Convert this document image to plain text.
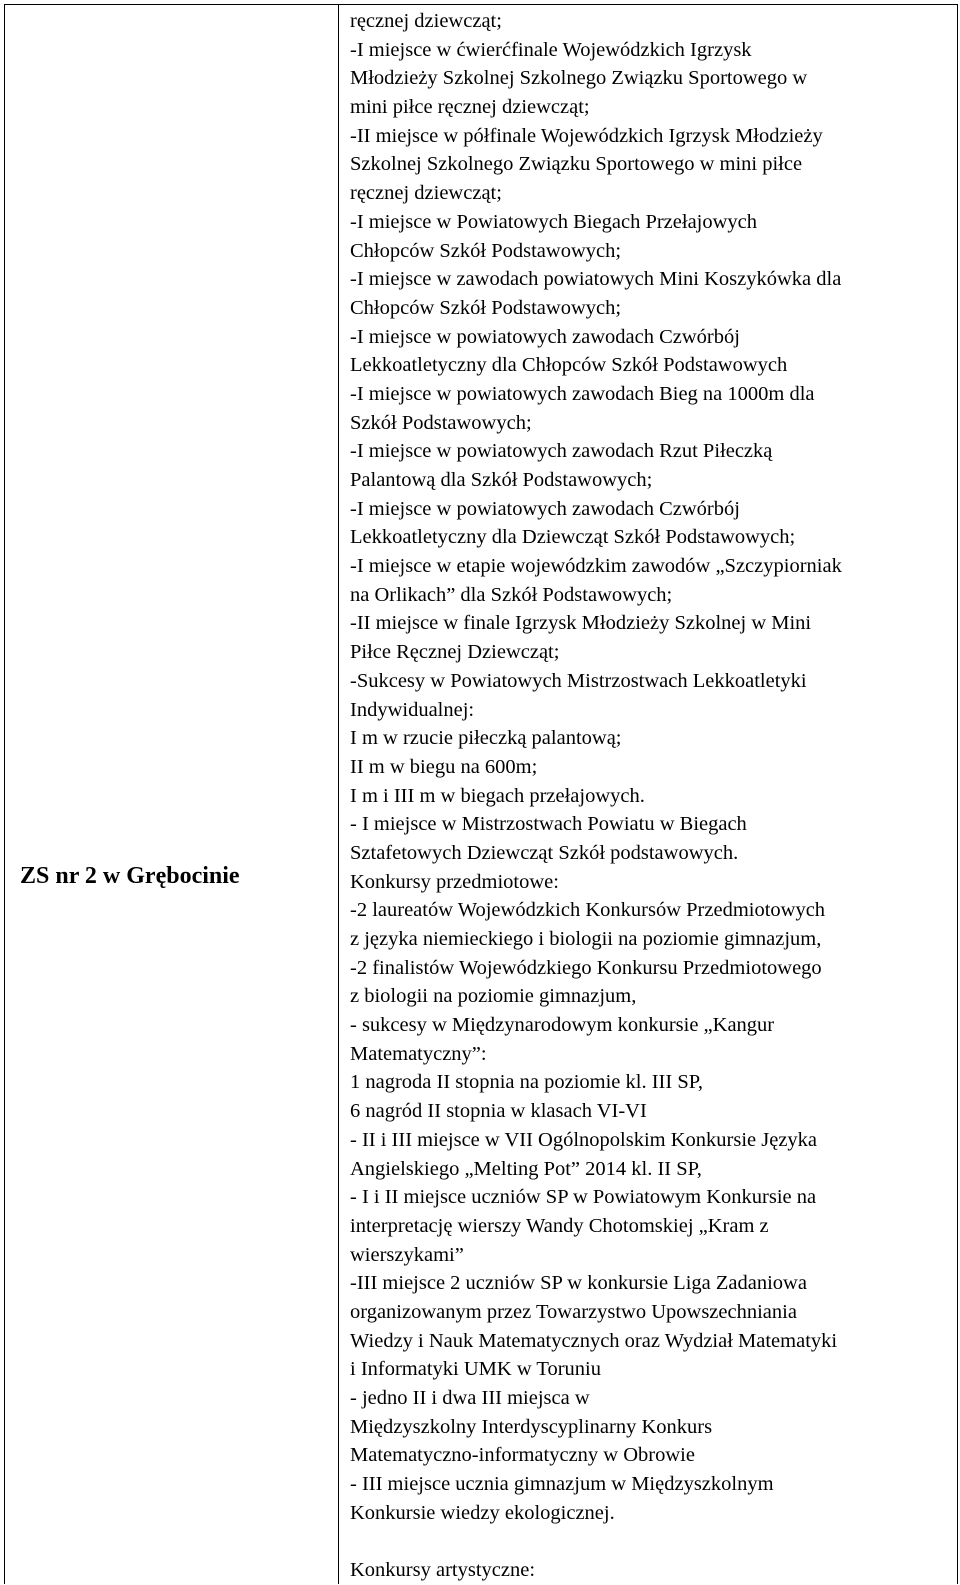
ZS nr 2 w Grębocinie
ręcznej dziewcząt;
-I miejsce w ćwierćfinale Wojewódzkich Igrzysk
Młodzieży Szkolnej Szkolnego Związku Sportowego w
mini piłce ręcznej dziewcząt;
-II miejsce w półfinale Wojewódzkich Igrzysk Młodzieży
Szkolnej Szkolnego Związku Sportowego w mini piłce
ręcznej dziewcząt;
-I miejsce w Powiatowych Biegach Przełajowych
Chłopców Szkół Podstawowych;
-I miejsce w zawodach powiatowych Mini Koszykówka dla
Chłopców Szkół Podstawowych;
-I miejsce w powiatowych zawodach Czwórbój
Lekkoatletyczny dla Chłopców Szkół Podstawowych
-I miejsce w powiatowych zawodach Bieg na 1000m dla
Szkół Podstawowych;
-I miejsce w powiatowych zawodach Rzut Piłeczką
Palantową dla Szkół Podstawowych;
-I miejsce w powiatowych zawodach Czwórbój
Lekkoatletyczny dla Dziewcząt Szkół Podstawowych;
-I miejsce w etapie wojewódzkim zawodów „Szczypiorniak
na Orlikach” dla Szkół Podstawowych;
-II miejsce w finale Igrzysk Młodzieży Szkolnej w Mini
Piłce Ręcznej Dziewcząt;
-Sukcesy w Powiatowych Mistrzostwach Lekkoatletyki
Indywidualnej:
I m w rzucie piłeczką palantową;
II m w biegu na 600m;
I m i III m w biegach przełajowych.
- I miejsce w Mistrzostwach Powiatu w Biegach
Sztafetowych Dziewcząt Szkół podstawowych.
Konkursy przedmiotowe:
-2 laureatów Wojewódzkich Konkursów Przedmiotowych
z języka niemieckiego i biologii na poziomie gimnazjum,
-2 finalistów Wojewódzkiego Konkursu Przedmiotowego
z biologii na poziomie gimnazjum,
- sukcesy w Międzynarodowym konkursie „Kangur
Matematyczny”:
1 nagroda II stopnia na poziomie kl. III SP,
6 nagród II stopnia w klasach VI-VI
- II i III miejsce w VII Ogólnopolskim Konkursie Języka
Angielskiego „Melting Pot” 2014 kl. II SP,
- I i II miejsce uczniów SP w Powiatowym Konkursie na
interpretację wierszy Wandy Chotomskiej „Kram z
wierszykami”
-III miejsce 2 uczniów SP w konkursie Liga Zadaniowa
organizowanym przez Towarzystwo Upowszechniania
Wiedzy i Nauk Matematycznych oraz Wydział Matematyki
i Informatyki UMK w Toruniu
- jedno II i dwa III miejsca w
Międzyszkolny Interdyscyplinarny Konkurs
Matematyczno-informatyczny w Obrowie
- III miejsce ucznia gimnazjum w Międzyszkolnym
Konkursie wiedzy ekologicznej.
Konkursy artystyczne:
